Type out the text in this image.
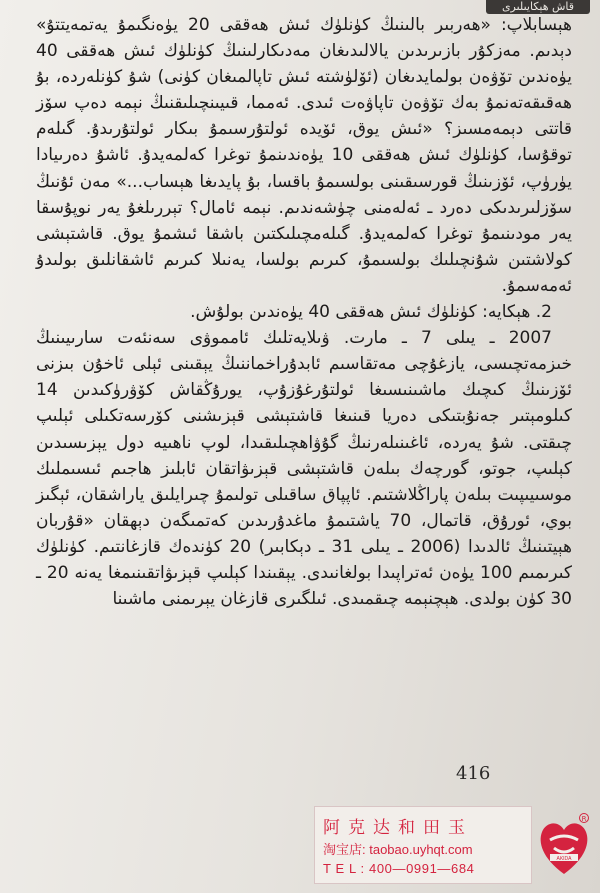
قاش ھېكايىلىرى

ھېسابلاپ: «ھەربىر بالىنىڭ كۈنلۈك ئىش ھەققى 20 يۈەنگىمۇ يەتمەيتتۇ» دېدىم. مەزكۇر بازىرىدىن يالالىدىغان مەدىكارلىنىڭ كۈنلۈك ئىش ھەققى 40 يۈەندىن تۆۋەن بولمايدىغان (ئۆلۈشتە ئىش تاپالمىغان كۈنى) شۇ كۈنلەردە، بۇ ھەقىقەتەنمۇ بەك تۆۋەن تاپاۋەت ئىدى. ئەمما، قىيىنچىلىقنىڭ نېمە دەپ سۆز قاتتى دېمەمسىز؟ «ئىش يوق، ئۆيدە ئولتۇرسىمۇ بىكار ئولتۇرىدۇ. گىلەم توقۇسا، كۈنلۈك ئىش ھەققى 10 يۈەندىنمۇ توغرا كەلمەيدۇ. ئاشۇ دەرىيادا يۈرۈپ، ئۆزىنىڭ قورسىقىنى بولسىمۇ باقسا، بۇ پايدىغا ھېساب...» مەن ئۇنىڭ سۆزلىرىدىكى دەرد ـ ئەلەمنى چۈشەندىم. نېمە ئامال؟ تېررىلغۇ يەر نوپۇسقا يەر مودىنىمۇ توغرا كەلمەيدۇ. گىلەمچىلىكتىن باشقا ئىشمۇ يوق. قاشتېشى كولاشتىن شۇنچىلىك بولسىمۇ، كىرىم بولسا، يەنىلا كىرىم ئاشقانلىق بولىدۇ ئەمەسمۇ.

2. ھېكايە: كۈنلۈك ئىش ھەققى 40 يۈەندىن بولۇش.

2007 ـ يىلى 7 ـ مارت. ۋىلايەتلىك ئامموۋى سەنئەت سارىيىنىڭ خىزمەتچىسى، يازغۇچى مەتقاسىم ئابدۇراخماننىڭ يېقىنى ئېلى ئاخۇن بىزنى ئۆزىنىڭ كىچىك ماشىنىسىغا ئولتۇرغۇزۇپ، يورۇڭقاش كۆۋرۈكىدىن 14 كىلومېتىر جەنۇبتىكى دەريا قىنىغا قاشتېشى قېزىشنى كۆرسەتكىلى ئېلىپ چىقتى. شۇ يەردە، ئاغىنىلەرنىڭ گۇۋاھچىلىقىدا، لوپ ناھىيە دول يېزىسىدىن كېلىپ، جوتو، گورچەك بىلەن قاشتېشى قېزىۋاتقان ئابلىز ھاجىم ئىسىملىك موسىيىپىت بىلەن پاراڭلاشتىم. ئاپپاق ساقىلى تولىمۇ چىرايلىق ياراشقان، ئېگىز بوي، ئورۇق، قاتمال، 70 ياشتىمۇ ماغدۇرىدىن كەتمىگەن دېھقان «قۇربان ھېيتىنىڭ ئالدىدا (2006 ـ يىلى 31 ـ دېكابىر) 20 كۈندەك قازغانتىم. كۈنلۈك كىرىمىم 100 يۈەن ئەتراپىدا بولغانىدى. يېقىندا كېلىپ قېزىۋاتقىنىمغا يەنە 20 ـ 30 كۈن بولدى. ھېچنېمە چىقمىدى. ئىلگىرى قازغان يېرىمنى ماشىنا

416
阿克达和田玉
淘宝店: taobao.uyhqt.com
T E L : 400—0991—684
R
AKIDA
